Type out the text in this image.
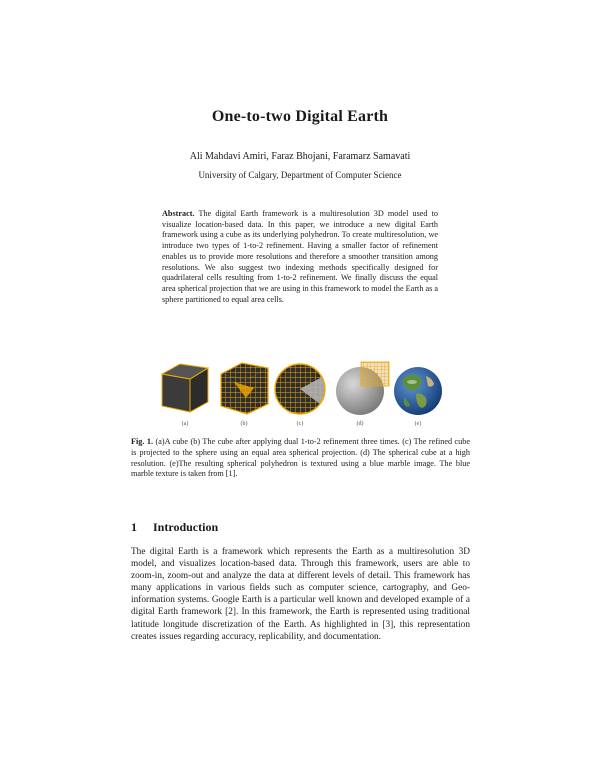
One-to-two Digital Earth
Ali Mahdavi Amiri, Faraz Bhojani, Faramarz Samavati
University of Calgary, Department of Computer Science
Abstract. The digital Earth framework is a multiresolution 3D model used to visualize location-based data. In this paper, we introduce a new digital Earth framework using a cube as its underlying polyhedron. To create multiresolution, we introduce two types of 1-to-2 refinement. Having a smaller factor of refinement enables us to provide more resolutions and therefore a smoother transition among resolutions. We also suggest two indexing methods specifically designed for quadrilateral cells resulting from 1-to-2 refinement. We finally discuss the equal area spherical projection that we are using in this framework to model the Earth as a sphere partitioned to equal area cells.
(a)	(b)	(c)	(d)	(e)
Fig. 1. (a)A cube (b) The cube after applying dual 1-to-2 refinement three times. (c) The refined cube is projected to the sphere using an equal area spherical projection. (d) The spherical cube at a high resolution. (e)The resulting spherical polyhedron is textured using a blue marble image. The blue marble texture is taken from [1].
1 Introduction
The digital Earth is a framework which represents the Earth as a multiresolution 3D model, and visualizes location-based data. Through this framework, users are able to zoom-in, zoom-out and analyze the data at different levels of detail. This framework has many applications in various fields such as computer science, cartography, and Geo-information systems. Google Earth is a particular well known and developed example of a digital Earth framework [2]. In this framework, the Earth is represented using traditional latitude longitude discretization of the Earth. As highlighted in [3], this representation creates issues regarding accuracy, replicability, and documentation.
